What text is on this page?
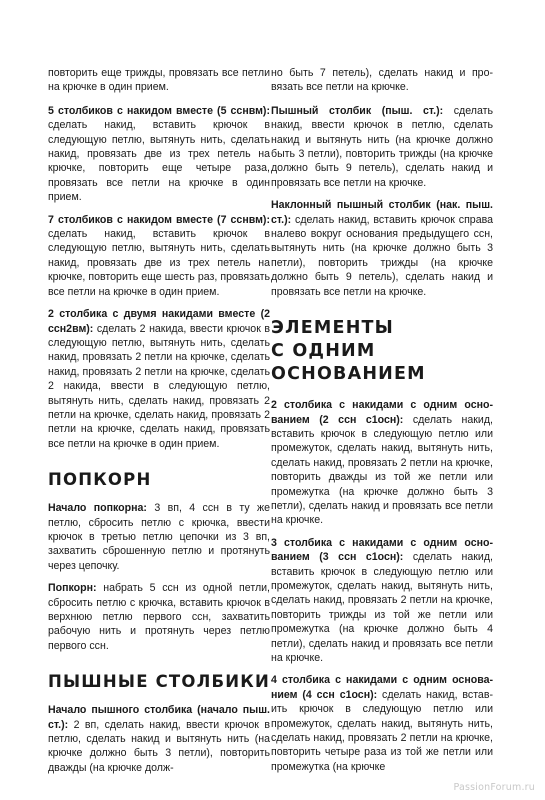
повторить еще трижды, провязать все петли на крючке в один прием.

5 столбиков с накидом вместе (5 сснвм): сделать накид, вставить крючок в следующую петлю, вытянуть нить, сделать накид, провязать две из трех петель на крючке, повторить еще четыре раза, провязать все петли на крючке в один прием.

7 столбиков с накидом вместе (7 сснвм): сделать накид, вставить крючок в следующую петлю, вытянуть нить, сделать накид, провязать две из трех петель на крючке, повторить еще шесть раз, провязать все петли на крючке в один прием.

2 столбика с двумя накидами вместе (2 ссн2вм): сделать 2 накида, ввести крючок в следующую петлю, вытянуть нить, сделать накид, провязать 2 петли на крючке, сделать накид, провязать 2 петли на крючке, сделать 2 накида, ввести в следующую петлю, вытянуть нить, сделать накид, провязать 2 петли на крючке, сделать накид, провязать 2 петли на крючке, сделать накид, провязать все петли на крючке в один прием.

ПОПКОРН

Начало попкорна: 3 вп, 4 ссн в ту же петлю, сбросить петлю с крючка, ввести крючок в третью петлю цепочки из 3 вп, захватить сброшенную петлю и протянуть через цепочку.

Попкорн: набрать 5 ссн из одной петли, сбросить петлю с крючка, вставить крючок в верхнюю петлю первого ссн, захватить рабочую нить и протянуть через петлю первого ссн.

ПЫШНЫЕ СТОЛБИКИ

Начало пышного столбика (начало пыш. ст.): 2 вп, сделать накид, ввести крючок в петлю, сделать накид и вытянуть нить (на крючке должно быть 3 петли), повторить дважды (на крючке долж-

но быть 7 петель), сделать накид и провязать все петли на крючке.

Пышный столбик (пыш. ст.): сделать накид, ввести крючок в петлю, сделать накид и вытянуть нить (на крючке должно быть 3 петли), повторить трижды (на крючке должно быть 9 петель), сделать накид и провязать все петли на крючке.

Наклонный пышный столбик (нак. пыш. ст.): сделать накид, вставить крючок справа налево вокруг основания предыдущего ссн, вытянуть нить (на крючке должно быть 3 петли), повторить трижды (на крючке должно быть 9 петель), сделать накид и провязать все петли на крючке.

ЭЛЕМЕНТЫ
С ОДНИМ ОСНОВАНИЕМ

2 столбика с накидами с одним основанием (2 ссн с1осн): сделать накид, вставить крючок в следующую петлю или промежуток, сделать накид, вытянуть нить, сделать накид, провязать 2 петли на крючке, повторить дважды из той же петли или промежутка (на крючке должно быть 3 петли), сделать накид и провязать все петли на крючке.

3 столбика с накидами с одним основанием (3 ссн с1осн): сделать накид, вставить крючок в следующую петлю или промежуток, сделать накид, вытянуть нить, сделать накид, провязать 2 петли на крючке, повторить трижды из той же петли или промежутка (на крючке должно быть 4 петли), сделать накид и провязать все петли на крючке.

4 столбика с накидами с одним основанием (4 ссн с1осн): сделать накид, вставить крючок в следующую петлю или промежуток, сделать накид, вытянуть нить, сделать накид, провязать 2 петли на крючке, повторить четыре раза из той же петли или промежутка (на крючке

PassionForum.ru
